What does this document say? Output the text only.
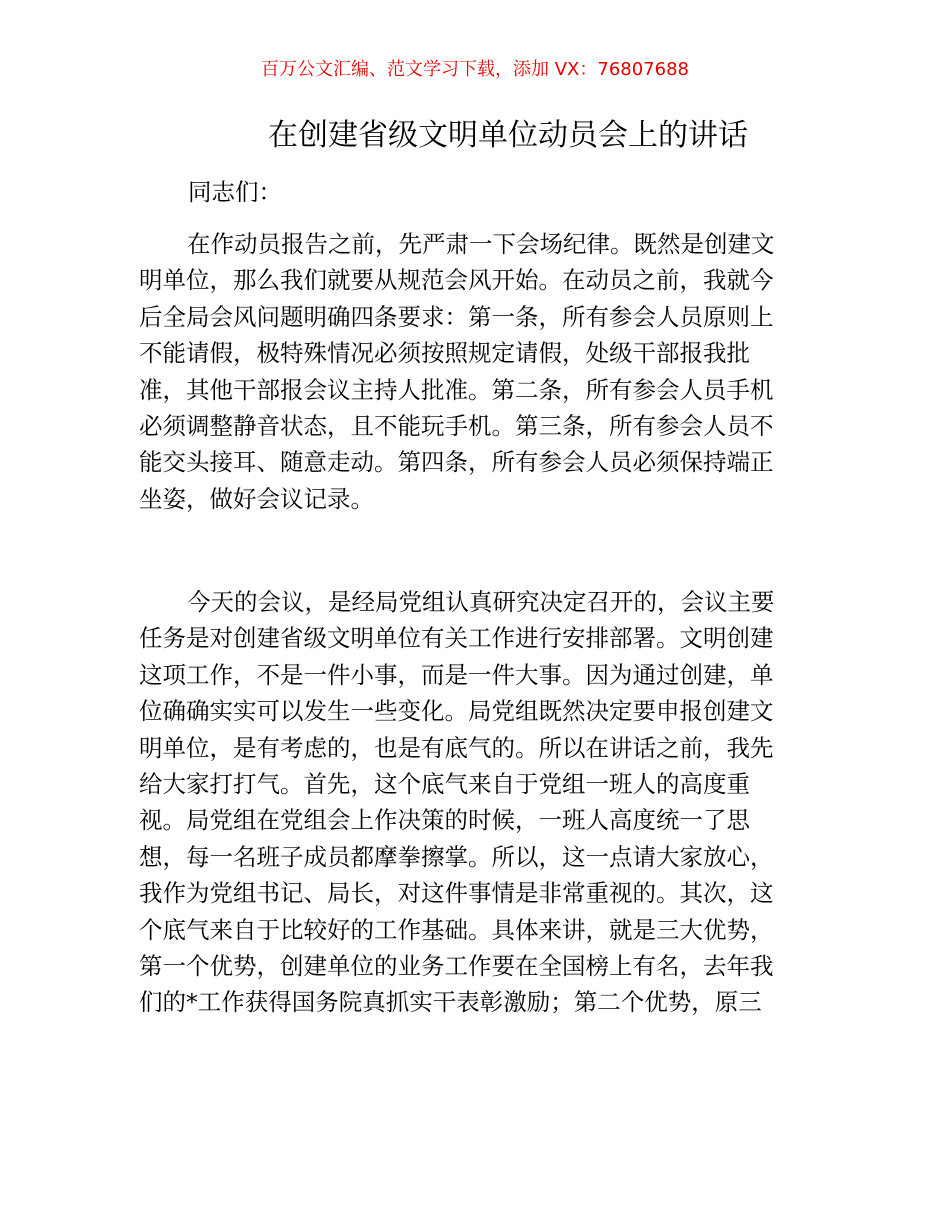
百万公文汇编、范文学习下载，添加 VX：76807688
在创建省级文明单位动员会上的讲话
同志们：
在作动员报告之前，先严肃一下会场纪律。既然是创建文
明单位，那么我们就要从规范会风开始。在动员之前，我就今
后全局会风问题明确四条要求：第一条，所有参会人员原则上
不能请假，极特殊情况必须按照规定请假，处级干部报我批
准，其他干部报会议主持人批准。第二条，所有参会人员手机
必须调整静音状态，且不能玩手机。第三条，所有参会人员不
能交头接耳、随意走动。第四条，所有参会人员必须保持端正
坐姿，做好会议记录。
今天的会议，是经局党组认真研究决定召开的，会议主要
任务是对创建省级文明单位有关工作进行安排部署。文明创建
这项工作，不是一件小事，而是一件大事。因为通过创建，单
位确确实实可以发生一些变化。局党组既然决定要申报创建文
明单位，是有考虑的，也是有底气的。所以在讲话之前，我先
给大家打打气。首先，这个底气来自于党组一班人的高度重
视。局党组在党组会上作决策的时候，一班人高度统一了思
想，每一名班子成员都摩拳擦掌。所以，这一点请大家放心，
我作为党组书记、局长，对这件事情是非常重视的。其次，这
个底气来自于比较好的工作基础。具体来讲，就是三大优势，
第一个优势，创建单位的业务工作要在全国榜上有名，去年我
们的*工作获得国务院真抓实干表彰激励；第二个优势，原三
